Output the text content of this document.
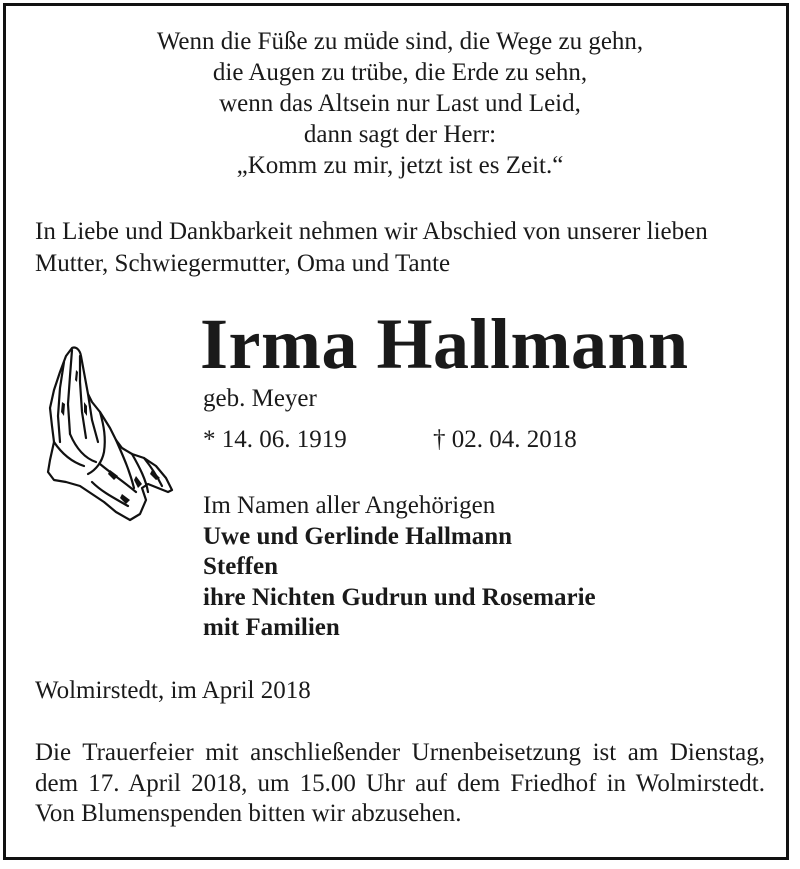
Wenn die Füße zu müde sind, die Wege zu gehn,
die Augen zu trübe, die Erde zu sehn,
wenn das Altsein nur Last und Leid,
dann sagt der Herr:
„Komm zu mir, jetzt ist es Zeit.“
In Liebe und Dankbarkeit nehmen wir Abschied von unserer lieben Mutter, Schwiegermutter, Oma und Tante
Irma Hallmann
geb. Meyer
* 14. 06. 1919	† 02. 04. 2018
Im Namen aller Angehörigen
Uwe und Gerlinde Hallmann
Steffen
ihre Nichten Gudrun und Rosemarie
mit Familien
Wolmirstedt, im April 2018
Die Trauerfeier mit anschließender Urnenbeisetzung ist am Dienstag, dem 17. April 2018, um 15.00 Uhr auf dem Friedhof in Wolmirstedt. Von Blumenspenden bitten wir abzusehen.
